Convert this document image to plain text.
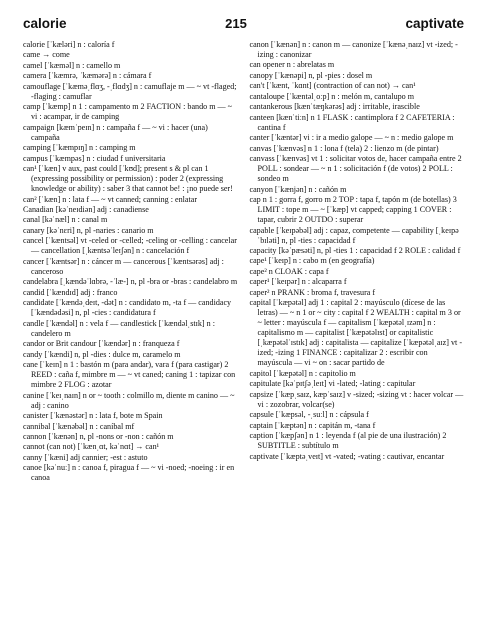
calorie	215	captivate

calorie [ˈkæləri] n : caloría f

came → come

camel [ˈkæməl] n : camello m

camera [ˈkæmrə, ˈkæmərə] n : cámara f

camouflage [ˈkæməˌflɑʒ, -ˌflɑdʒ] n : camuflaje m — ~ vt -flaged; -flaging : camuflar

camp [ˈkæmp] n 1 : campamento m 2 FACTION : bando m — ~ vi : acampar, ir de camping

campaign [kæmˈpeɪn] n : campaña f — ~ vi : hacer (una) campaña

camping [ˈkæmpɪŋ] n : camping m

campus [ˈkæmpəs] n : ciudad f universitaria

can¹ [ˈkæn] v aux, past could [ˈkʊd]; present s & pl can 1 (expressing possibility or permission) : poder 2 (expressing knowledge or ability) : saber 3 that cannot be! : ¡no puede ser!

can² [ˈkæn] n : lata f — ~ vt canned; canning : enlatar

Canadian [kəˈneɪdiən] adj : canadiense

canal [kəˈnæl] n : canal m

canary [kəˈnɛri] n, pl -naries : canario m

cancel [ˈkæntsəl] vt -celed or -celled; -celing or -celling : cancelar — cancellation [ˌkæntsəˈleɪʃən] n : cancelación f

cancer [ˈkæntsər] n : cáncer m — cancerous [ˈkæntsərəs] adj : canceroso

candelabra [ˌkændəˈlɑbrə, -ˈlæ-] n, pl -bra or -bras : candelabro m

candid [ˈkændɪd] adj : franco

candidate [ˈkændəˌdeɪt, -dət] n : candidato m, -ta f — candidacy [ˈkændədəsi] n, pl -cies : candidatura f

candle [ˈkændəl] n : vela f — candlestick [ˈkændəlˌstɪk] n : candelero m

candor or Brit candour [ˈkændər] n : franqueza f

candy [ˈkændi] n, pl -dies : dulce m, caramelo m

cane [ˈkeɪn] n 1 : bastón m (para andar), vara f (para castigar) 2 REED : caña f, mimbre m — ~ vt caned; caning 1 : tapizar con mimbre 2 FLOG : azotar

canine [ˈkeɪˌnaɪn] n or ~ tooth : colmillo m, diente m canino — ~ adj : canino

canister [ˈkænəstər] n : lata f, bote m Spain

cannibal [ˈkænəbəl] n : caníbal mf

cannon [ˈkænən] n, pl -nons or -non : cañón m

cannot (can not) [ˈkænˌɑt, kəˈnɑt] → can¹

canny [ˈkæni] adj cannier; -est : astuto

canoe [kəˈnuː] n : canoa f, piragua f — ~ vi -noed; -noeing : ir en canoa

canon [ˈkænən] n : canon m — canonize [ˈkænəˌnaɪz] vt -ized; -izing : canonizar

can opener n : abrelatas m

canopy [ˈkænəpi] n, pl -pies : dosel m

can't [ˈkænt, ˈkɑnt] (contraction of can not) → can¹

cantaloupe [ˈkæntəlˌoːp] n : melón m, cantalupo m

cantankerous [kænˈtæŋkərəs] adj : irritable, irascible

canteen [kænˈtiːn] n 1 FLASK : cantimplora f 2 CAFETERIA : cantina f

canter [ˈkæntər] vi : ir a medio galope — ~ n : medio galope m

canvas [ˈkænvəs] n 1 : lona f (tela) 2 : lienzo m (de pintar)

canvass [ˈkænvəs] vt 1 : solicitar votos de, hacer campaña entre 2 POLL : sondear — ~ n 1 : solicitación f (de votos) 2 POLL : sondeo m

canyon [ˈkænjən] n : cañón m

cap n 1 : gorra f, gorro m 2 TOP : tapa f, tapón m (de botellas) 3 LIMIT : tope m — ~ [ˈkæp] vt capped; capping 1 COVER : tapar, cubrir 2 OUTDO : superar

capable [ˈkeɪpəbəl] adj : capaz, competente — capability [ˌkeɪpəˈbɪləti] n, pl -ties : capacidad f

capacity [kəˈpæsəti] n, pl -ties 1 : capacidad f 2 ROLE : calidad f

cape¹ [ˈkeɪp] n : cabo m (en geografía)

cape² n CLOAK : capa f

caper¹ [ˈkeɪpər] n : alcaparra f

caper² n PRANK : broma f, travesura f

capital [ˈkæpətəl] adj 1 : capital 2 : mayúsculo (dícese de las letras) — ~ n 1 or ~ city : capital f 2 WEALTH : capital m 3 or ~ letter : mayúscula f — capitalism [ˈkæpətəlˌɪzəm] n : capitalismo m — capitalist [ˈkæpətəlɪst] or capitalistic [ˌkæpətəlˈɪstɪk] adj : capitalista — capitalize [ˈkæpətəlˌaɪz] vt -ized; -izing 1 FINANCE : capitalizar 2 : escribir con mayúscula — vi ~ on : sacar partido de

capitol [ˈkæpətəl] n : capitolio m

capitulate [kəˈpɪtʃəˌleɪt] vi -lated; -lating : capitular

capsize [ˈkæpˌsaɪz, kæpˈsaɪz] v -sized; -sizing vt : hacer volcar — vi : zozobrar, volcar(se)

capsule [ˈkæpsəl, -ˌsuːl] n : cápsula f

captain [ˈkæptən] n : capitán m, -tana f

caption [ˈkæpʃən] n 1 : leyenda f (al pie de una ilustración) 2 SUBTITLE : subtítulo m

captivate [ˈkæptəˌveɪt] vt -vated; -vating : cautivar, encantar
